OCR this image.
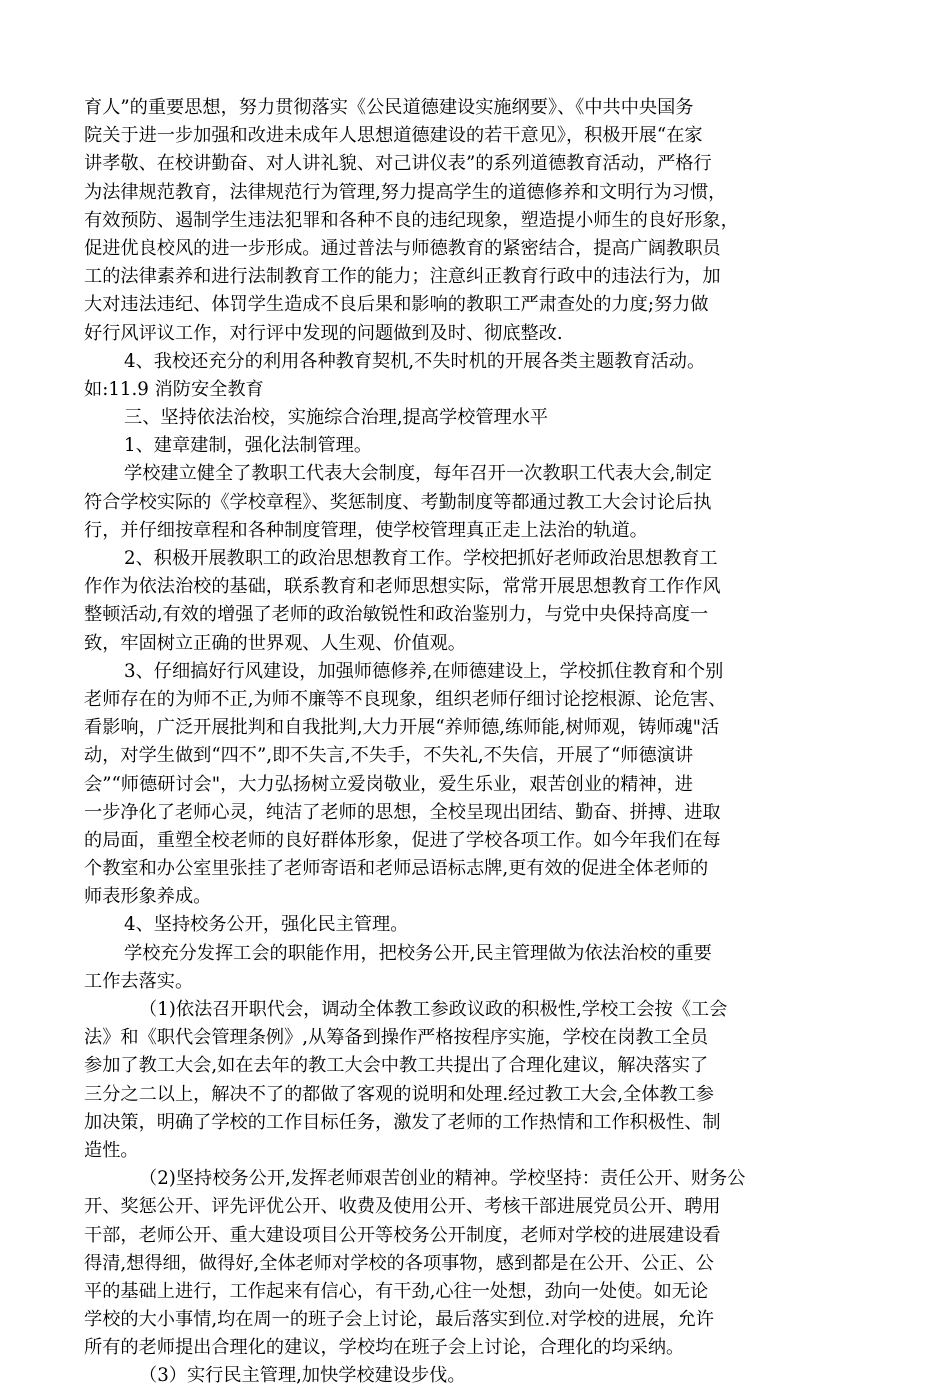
育人”的重要思想，努力贯彻落实《公民道德建设实施纲要》、《中共中央国务
院关于进一步加强和改进未成年人思想道德建设的若干意见》，积极开展“在家
讲孝敬、在校讲勤奋、对人讲礼貌、对己讲仪表”的系列道德教育活动，严格行
为法律规范教育，法律规范行为管理,努力提高学生的道德修养和文明行为习惯，
有效预防、遏制学生违法犯罪和各种不良的违纪现象，塑造提小师生的良好形象，
促进优良校风的进一步形成。通过普法与师德教育的紧密结合，提高广阔教职员
工的法律素养和进行法制教育工作的能力；注意纠正教育行政中的违法行为，加
大对违法违纪、体罚学生造成不良后果和影响的教职工严肃查处的力度;努力做
好行风评议工作，对行评中发现的问题做到及时、彻底整改.
4、我校还充分的利用各种教育契机,不失时机的开展各类主题教育活动。
如:11.9 消防安全教育
三、坚持依法治校，实施综合治理,提高学校管理水平
1、建章建制，强化法制管理。
学校建立健全了教职工代表大会制度，每年召开一次教职工代表大会,制定
符合学校实际的《学校章程》、奖惩制度、考勤制度等都通过教工大会讨论后执
行，并仔细按章程和各种制度管理，使学校管理真正走上法治的轨道。
2、积极开展教职工的政治思想教育工作。学校把抓好老师政治思想教育工
作作为依法治校的基础，联系教育和老师思想实际，常常开展思想教育工作作风
整顿活动,有效的增强了老师的政治敏锐性和政治鉴别力，与党中央保持高度一
致，牢固树立正确的世界观、人生观、价值观。
3、仔细搞好行风建设，加强师德修养,在师德建设上，学校抓住教育和个别
老师存在的为师不正,为师不廉等不良现象，组织老师仔细讨论挖根源、论危害、
看影响，广泛开展批判和自我批判,大力开展“养师德,练师能,树师观，铸师魂"活
动，对学生做到“四不”,即不失言,不失手，不失礼,不失信，开展了“师德演讲
会”“师德研讨会"，大力弘扬树立爱岗敬业，爱生乐业，艰苦创业的精神，进
一步净化了老师心灵，纯洁了老师的思想，全校呈现出团结、勤奋、拼搏、进取
的局面，重塑全校老师的良好群体形象，促进了学校各项工作。如今年我们在每
个教室和办公室里张挂了老师寄语和老师忌语标志牌,更有效的促进全体老师的
师表形象养成。
4、坚持校务公开，强化民主管理。
学校充分发挥工会的职能作用，把校务公开,民主管理做为依法治校的重要
工作去落实。
（1)依法召开职代会，调动全体教工参政议政的积极性,学校工会按《工会
法》和《职代会管理条例》,从筹备到操作严格按程序实施，学校在岗教工全员
参加了教工大会,如在去年的教工大会中教工共提出了合理化建议，解决落实了
三分之二以上，解决不了的都做了客观的说明和处理.经过教工大会,全体教工参
加决策，明确了学校的工作目标任务，激发了老师的工作热情和工作积极性、制
造性。
（2)坚持校务公开,发挥老师艰苦创业的精神。学校坚持：责任公开、财务公
开、奖惩公开、评先评优公开、收费及使用公开、考核干部进展党员公开、聘用
干部，老师公开、重大建设项目公开等校务公开制度，老师对学校的进展建设看
得清,想得细，做得好,全体老师对学校的各项事物，感到都是在公开、公正、公
平的基础上进行，工作起来有信心，有干劲,心往一处想，劲向一处使。如无论
学校的大小事情,均在周一的班子会上讨论，最后落实到位.对学校的进展，允许
所有的老师提出合理化的建议，学校均在班子会上讨论，合理化的均采纳。
（3）实行民主管理,加快学校建设步伐。
